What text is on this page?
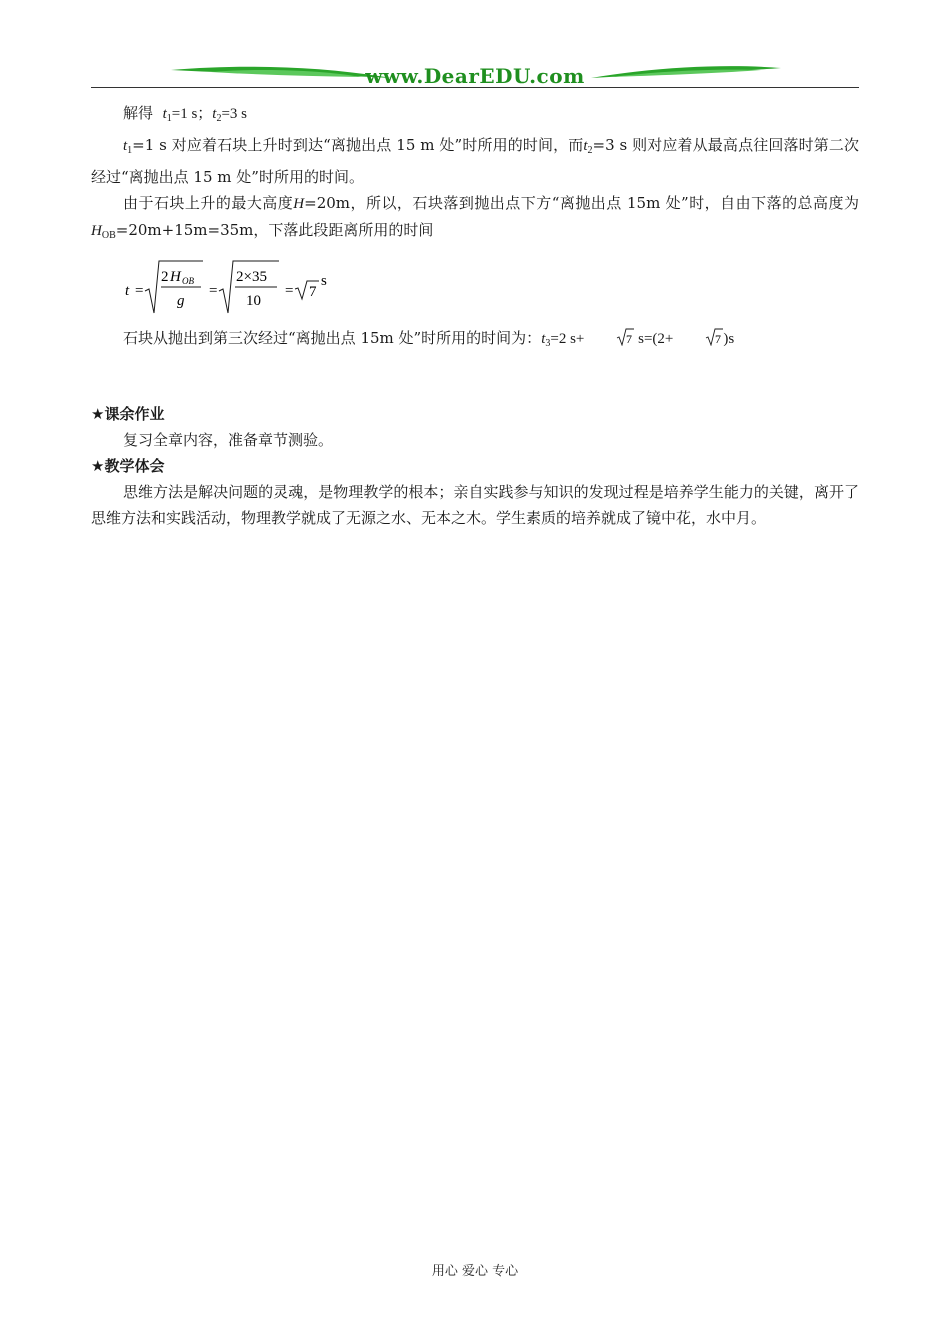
www.DearEDU.com

解得 $t_1=1$ s；$t_2=3$ s

$t_1=1$ s 对应着石块上升时到达“离抛出点 15 m 处”时所用的时间，而$t_2=3$ s 则对应着从最高点往回落时第二次经过“离抛出点 15 m 处”时所用的时间。

由于石块上升的最大高度H=20m，所以，石块落到抛出点下方“离抛出点 15m 处”时，自由下落的总高度为$H_{OB}=20m+15m=35m$，下落此段距离所用的时间

t =
2 H OB
g
=
2×35
10
= 7
s

石块从抛出到第三次经过“离抛出点 15m 处”时所用的时间为：$t_3=2$ s+	7 s=(2+	7 )s

★课余作业

复习全章内容，准备章节测验。

★教学体会

思维方法是解决问题的灵魂，是物理教学的根本；亲自实践参与知识的发现过程是培养学生能力的关键，离开了思维方法和实践活动，物理教学就成了无源之水、无本之木。学生素质的培养就成了镜中花，水中月。

用心 爱心 专心
